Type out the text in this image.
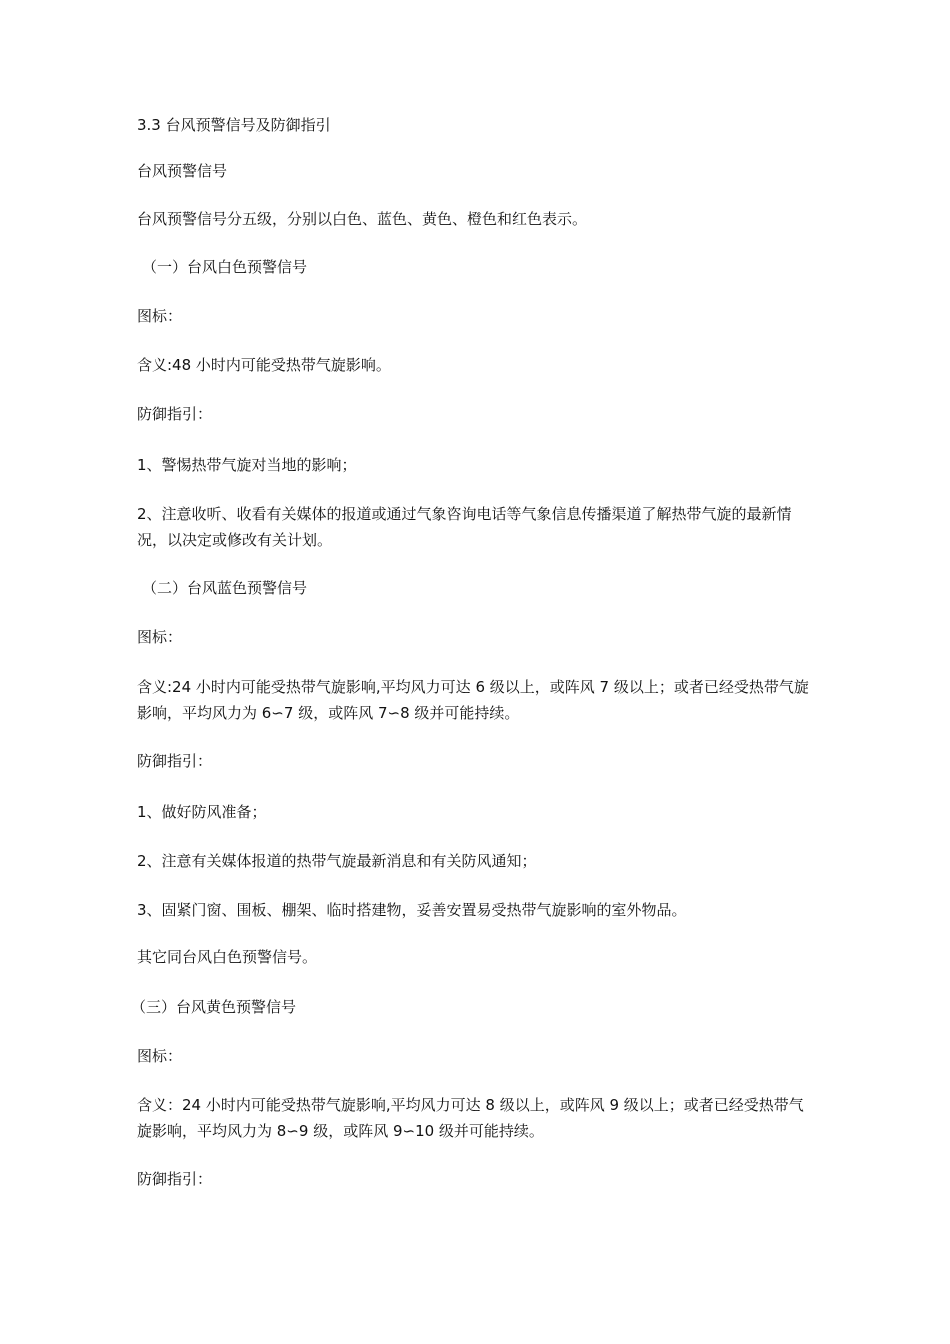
3.3 台风预警信号及防御指引
台风预警信号
台风预警信号分五级，分别以白色、蓝色、黄色、橙色和红色表示。
（一）台风白色预警信号
图标：
含义:48 小时内可能受热带气旋影响。
防御指引：
1、警惕热带气旋对当地的影响；
2、注意收听、收看有关媒体的报道或通过气象咨询电话等气象信息传播渠道了解热带气旋的最新情况，以决定或修改有关计划。
（二）台风蓝色预警信号
图标：
含义:24 小时内可能受热带气旋影响,平均风力可达 6 级以上，或阵风 7 级以上；或者已经受热带气旋影响，平均风力为 6∽7 级，或阵风 7∽8 级并可能持续。
防御指引：
1、做好防风准备；
2、注意有关媒体报道的热带气旋最新消息和有关防风通知；
3、固紧门窗、围板、棚架、临时搭建物，妥善安置易受热带气旋影响的室外物品。
其它同台风白色预警信号。
（三）台风黄色预警信号
图标：
含义：24 小时内可能受热带气旋影响,平均风力可达 8 级以上，或阵风 9 级以上；或者已经受热带气旋影响，平均风力为 8∽9 级，或阵风 9∽10 级并可能持续。
防御指引：
